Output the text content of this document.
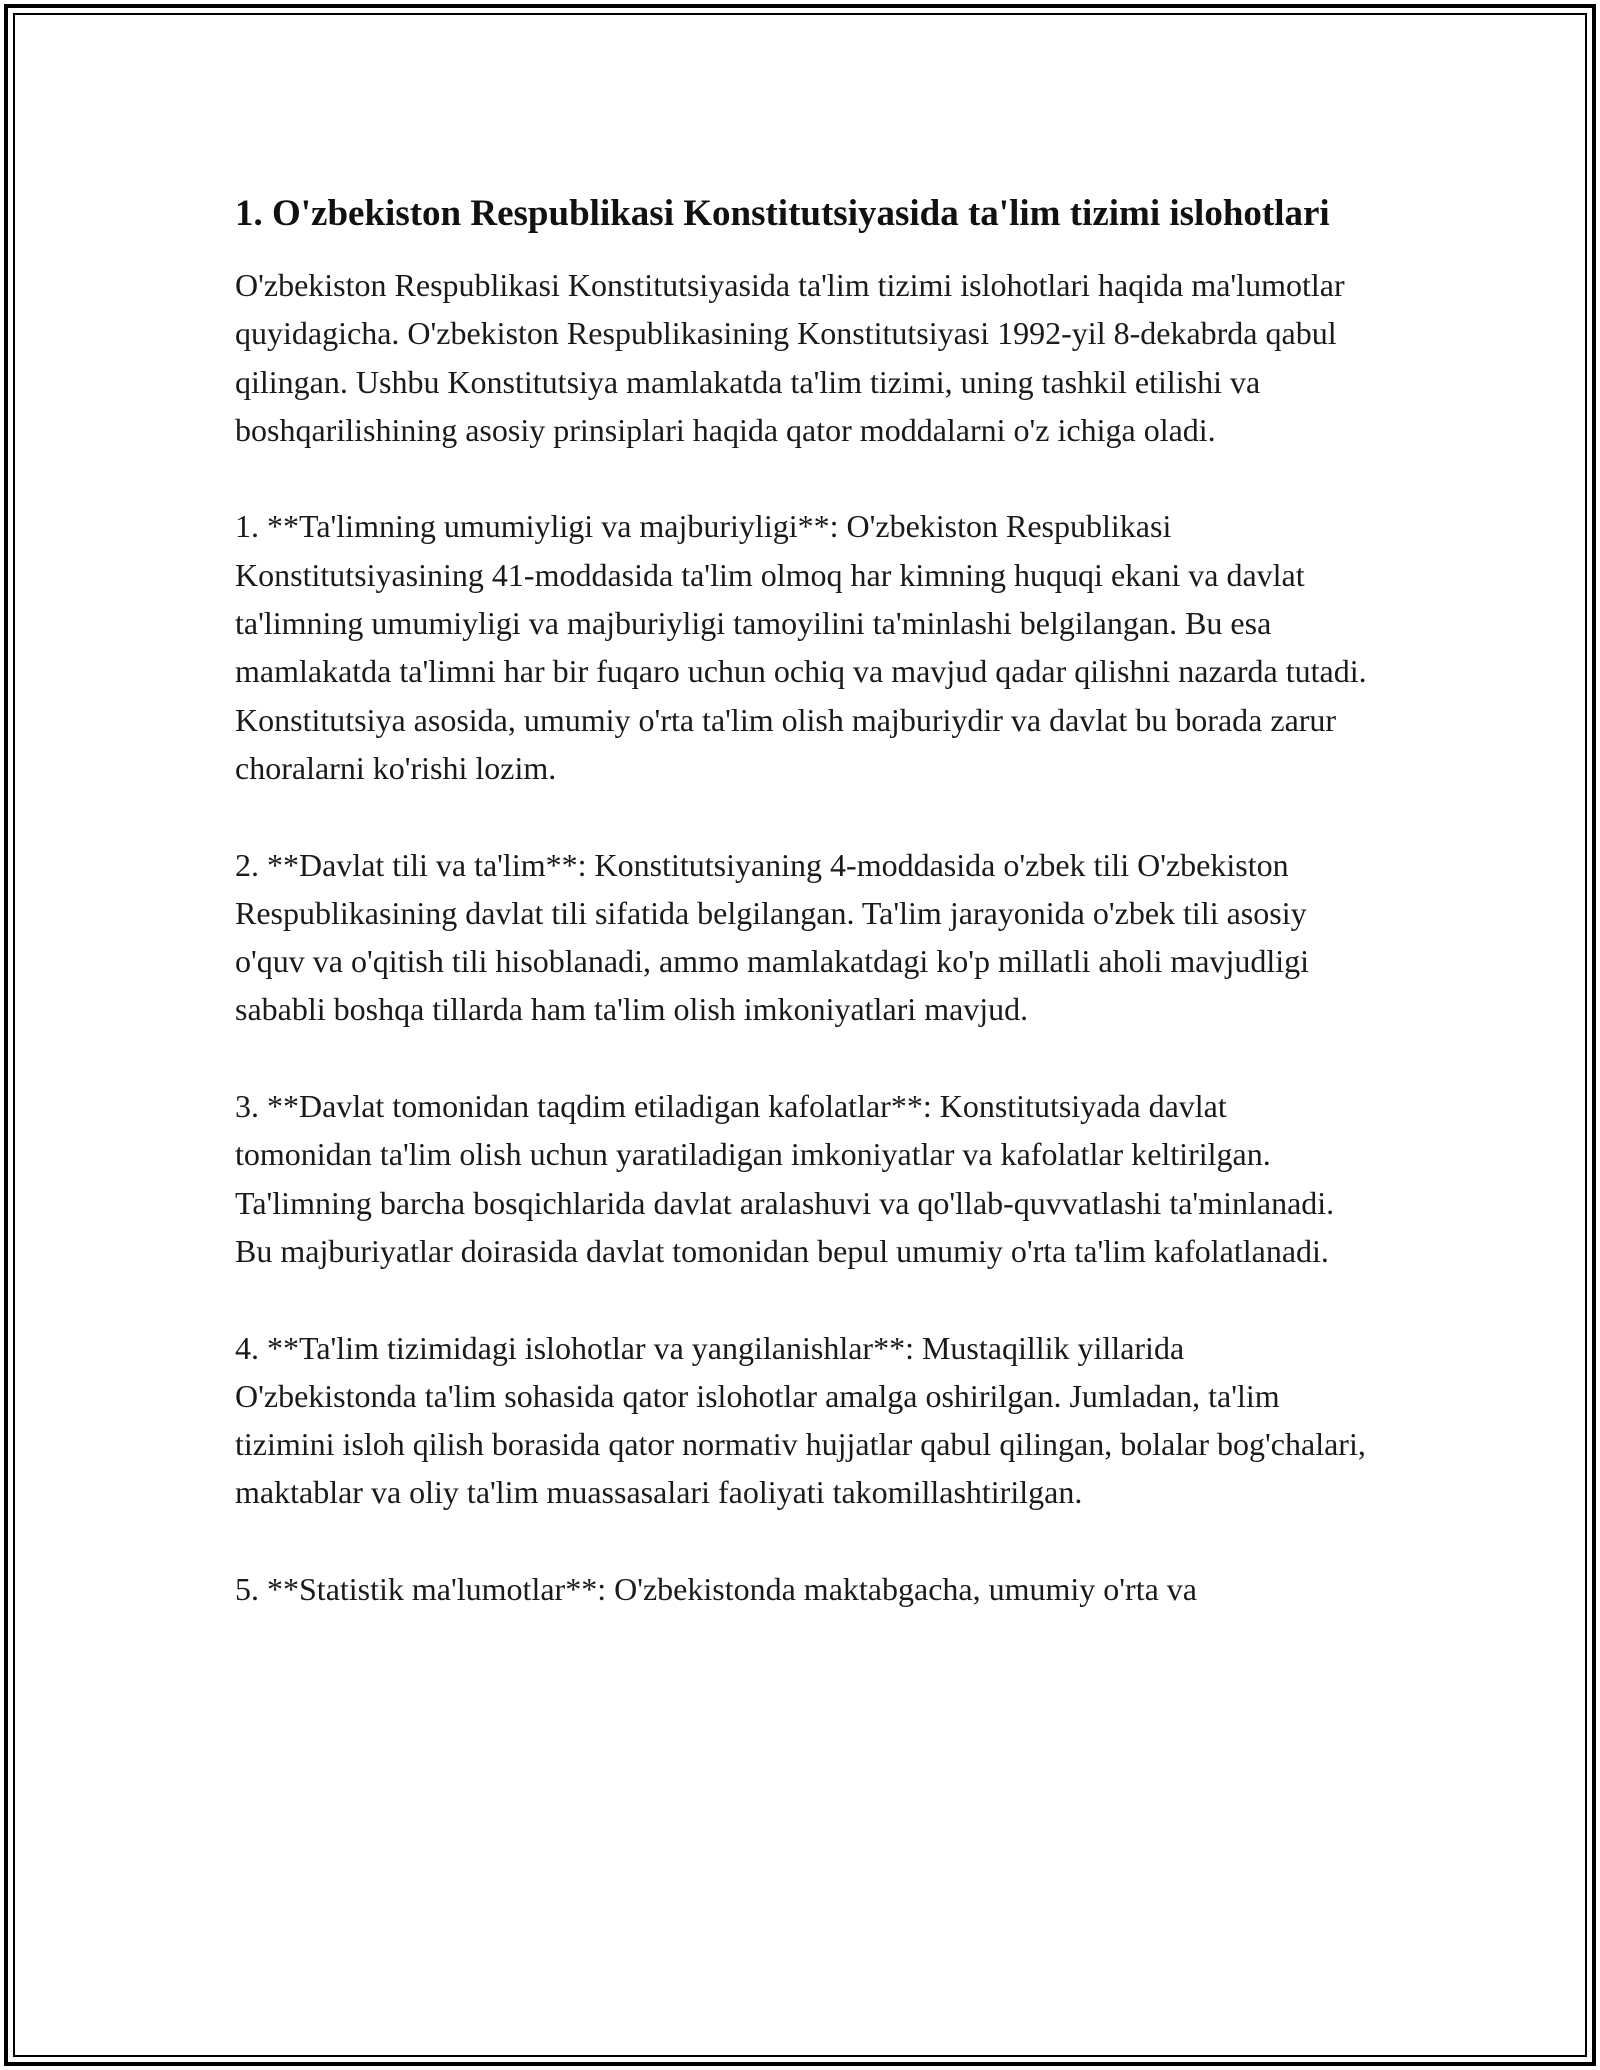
1. O'zbekiston Respublikasi Konstitutsiyasida ta'lim tizimi islohotlari

O'zbekiston Respublikasi Konstitutsiyasida ta'lim tizimi islohotlari haqida ma'lumotlar quyidagicha. O'zbekiston Respublikasining Konstitutsiyasi 1992-yil 8-dekabrda qabul qilingan. Ushbu Konstitutsiya mamlakatda ta'lim tizimi, uning tashkil etilishi va boshqarilishining asosiy prinsiplari haqida qator moddalarni o'z ichiga oladi.

1. **Ta'limning umumiyligi va majburiyligi**: O'zbekiston Respublikasi Konstitutsiyasining 41-moddasida ta'lim olmoq har kimning huquqi ekani va davlat ta'limning umumiyligi va majburiyligi tamoyilini ta'minlashi belgilangan. Bu esa mamlakatda ta'limni har bir fuqaro uchun ochiq va mavjud qadar qilishni nazarda tutadi. Konstitutsiya asosida, umumiy o'rta ta'lim olish majburiydir va davlat bu borada zarur choralarni ko'rishi lozim.

2. **Davlat tili va ta'lim**: Konstitutsiyaning 4-moddasida o'zbek tili O'zbekiston Respublikasining davlat tili sifatida belgilangan. Ta'lim jarayonida o'zbek tili asosiy o'quv va o'qitish tili hisoblanadi, ammo mamlakatdagi ko'p millatli aholi mavjudligi sababli boshqa tillarda ham ta'lim olish imkoniyatlari mavjud.

3. **Davlat tomonidan taqdim etiladigan kafolatlar**: Konstitutsiyada davlat tomonidan ta'lim olish uchun yaratiladigan imkoniyatlar va kafolatlar keltirilgan. Ta'limning barcha bosqichlarida davlat aralashuvi va qo'llab-quvvatlashi ta'minlanadi. Bu majburiyatlar doirasida davlat tomonidan bepul umumiy o'rta ta'lim kafolatlanadi.

4. **Ta'lim tizimidagi islohotlar va yangilanishlar**: Mustaqillik yillarida O'zbekistonda ta'lim sohasida qator islohotlar amalga oshirilgan. Jumladan, ta'lim tizimini isloh qilish borasida qator normativ hujjatlar qabul qilingan, bolalar bog'chalari, maktablar va oliy ta'lim muassasalari faoliyati takomillashtirilgan.

5. **Statistik ma'lumotlar**: O'zbekistonda maktabgacha, umumiy o'rta va
